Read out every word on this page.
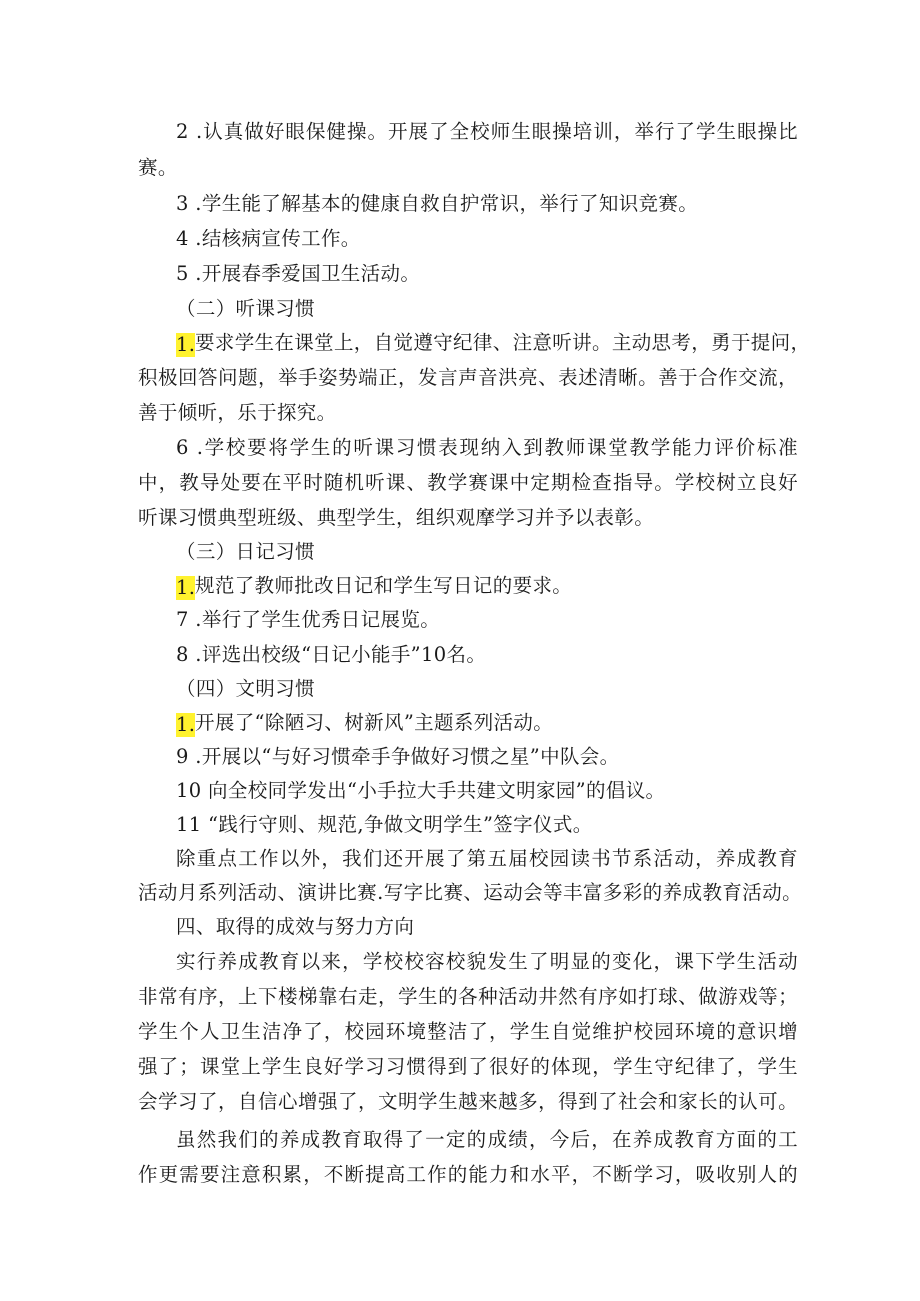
2 .认真做好眼保健操。开展了全校师生眼操培训，举行了学生眼操比
赛。
3 .学生能了解基本的健康自救自护常识，举行了知识竞赛。
4 .结核病宣传工作。
5 .开展春季爱国卫生活动。
（二）听课习惯
1. 要求学生在课堂上，自觉遵守纪律、注意听讲。主动思考，勇于提问，
积极回答问题，举手姿势端正，发言声音洪亮、表述清晰。善于合作交流，
善于倾听，乐于探究。
6 .学校要将学生的听课习惯表现纳入到教师课堂教学能力评价标准
中，教导处要在平时随机听课、教学赛课中定期检查指导。学校树立良好
听课习惯典型班级、典型学生，组织观摩学习并予以表彰。
（三）日记习惯
1. 规范了教师批改日记和学生写日记的要求。
7 .举行了学生优秀日记展览。
8 .评选出校级“日记小能手”10名。
（四）文明习惯
1. 开展了“除陋习、树新风”主题系列活动。
9 .开展以“与好习惯牵手争做好习惯之星”中队会。
10 向全校同学发出“小手拉大手共建文明家园”的倡议。
11 “践行守则、规范,争做文明学生”签字仪式。
除重点工作以外，我们还开展了第五届校园读书节系活动，养成教育
活动月系列活动、演讲比赛.写字比赛、运动会等丰富多彩的养成教育活动。
四、取得的成效与努力方向
实行养成教育以来，学校校容校貌发生了明显的变化，课下学生活动
非常有序，上下楼梯靠右走，学生的各种活动井然有序如打球、做游戏等；
学生个人卫生洁净了，校园环境整洁了，学生自觉维护校园环境的意识增
强了；课堂上学生良好学习习惯得到了很好的体现，学生守纪律了，学生
会学习了，自信心增强了，文明学生越来越多，得到了社会和家长的认可。
虽然我们的养成教育取得了一定的成绩，今后，在养成教育方面的工
作更需要注意积累，不断提高工作的能力和水平，不断学习，吸收别人的
